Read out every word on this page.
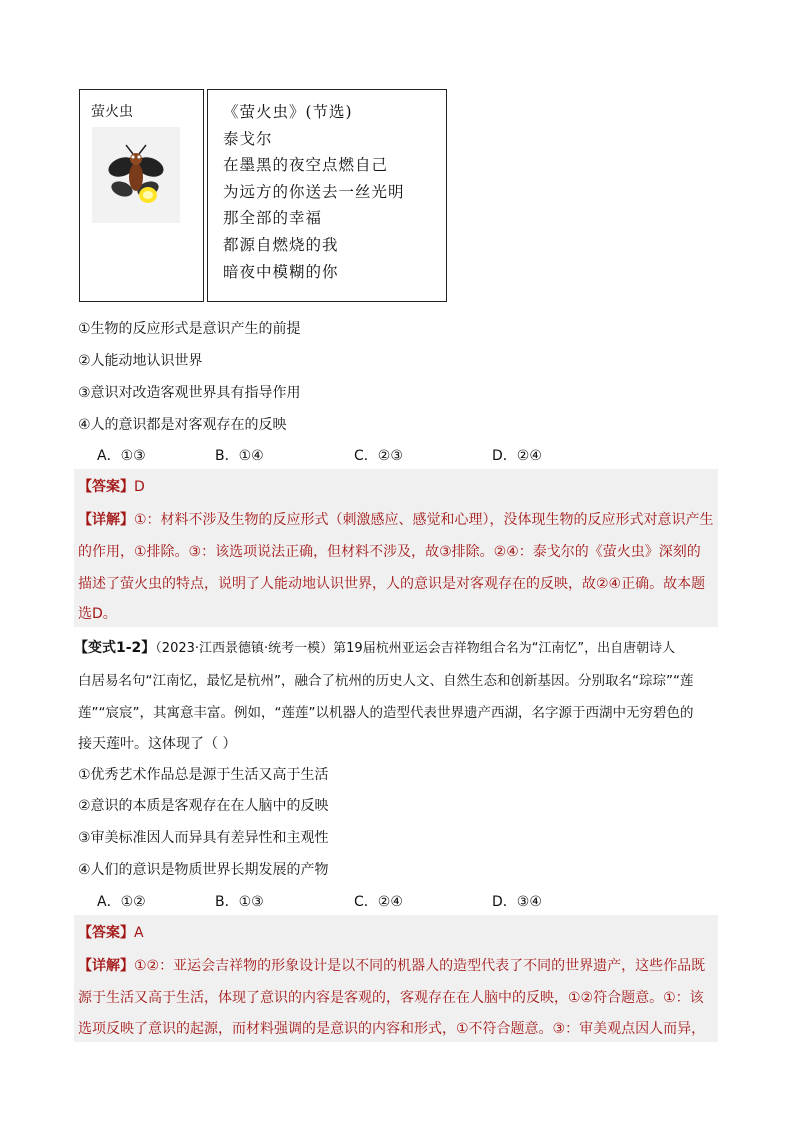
萤火虫	《萤火虫》(节选)
泰戈尔
在墨黑的夜空点燃自己
为远方的你送去一丝光明
那全部的幸福
都源自燃烧的我
暗夜中模糊的你
①生物的反应形式是意识产生的前提
②人能动地认识世界
③意识对改造客观世界具有指导作用
④人的意识都是对客观存在的反映
A．①③	B．①④	C．②③	D．②④
【答案】D
【详解】①：材料不涉及生物的反应形式（刺激感应、感觉和心理），没体现生物的反应形式对意识产生
的作用，①排除。③：该选项说法正确，但材料不涉及，故③排除。②④：泰戈尔的《萤火虫》深刻的
描述了萤火虫的特点，说明了人能动地认识世界，人的意识是对客观存在的反映，故②④正确。故本题
选D。
【变式1-2】（2023·江西景德镇·统考一模）第19届杭州亚运会吉祥物组合名为“江南忆”，出自唐朝诗人
白居易名句“江南忆，最忆是杭州”，融合了杭州的历史人文、自然生态和创新基因。分别取名“琮琮”“莲
莲”“宸宸”，其寓意丰富。例如，“莲莲”以机器人的造型代表世界遗产西湖，名字源于西湖中无穷碧色的
接天莲叶。这体现了（ ）
①优秀艺术作品总是源于生活又高于生活
②意识的本质是客观存在在人脑中的反映
③审美标准因人而异具有差异性和主观性
④人们的意识是物质世界长期发展的产物
A．①②	B．①③	C．②④	D．③④
【答案】A
【详解】①②：亚运会吉祥物的形象设计是以不同的机器人的造型代表了不同的世界遗产，这些作品既
源于生活又高于生活，体现了意识的内容是客观的，客观存在在人脑中的反映，①②符合题意。①：该
选项反映了意识的起源，而材料强调的是意识的内容和形式，①不符合题意。③：审美观点因人而异，
